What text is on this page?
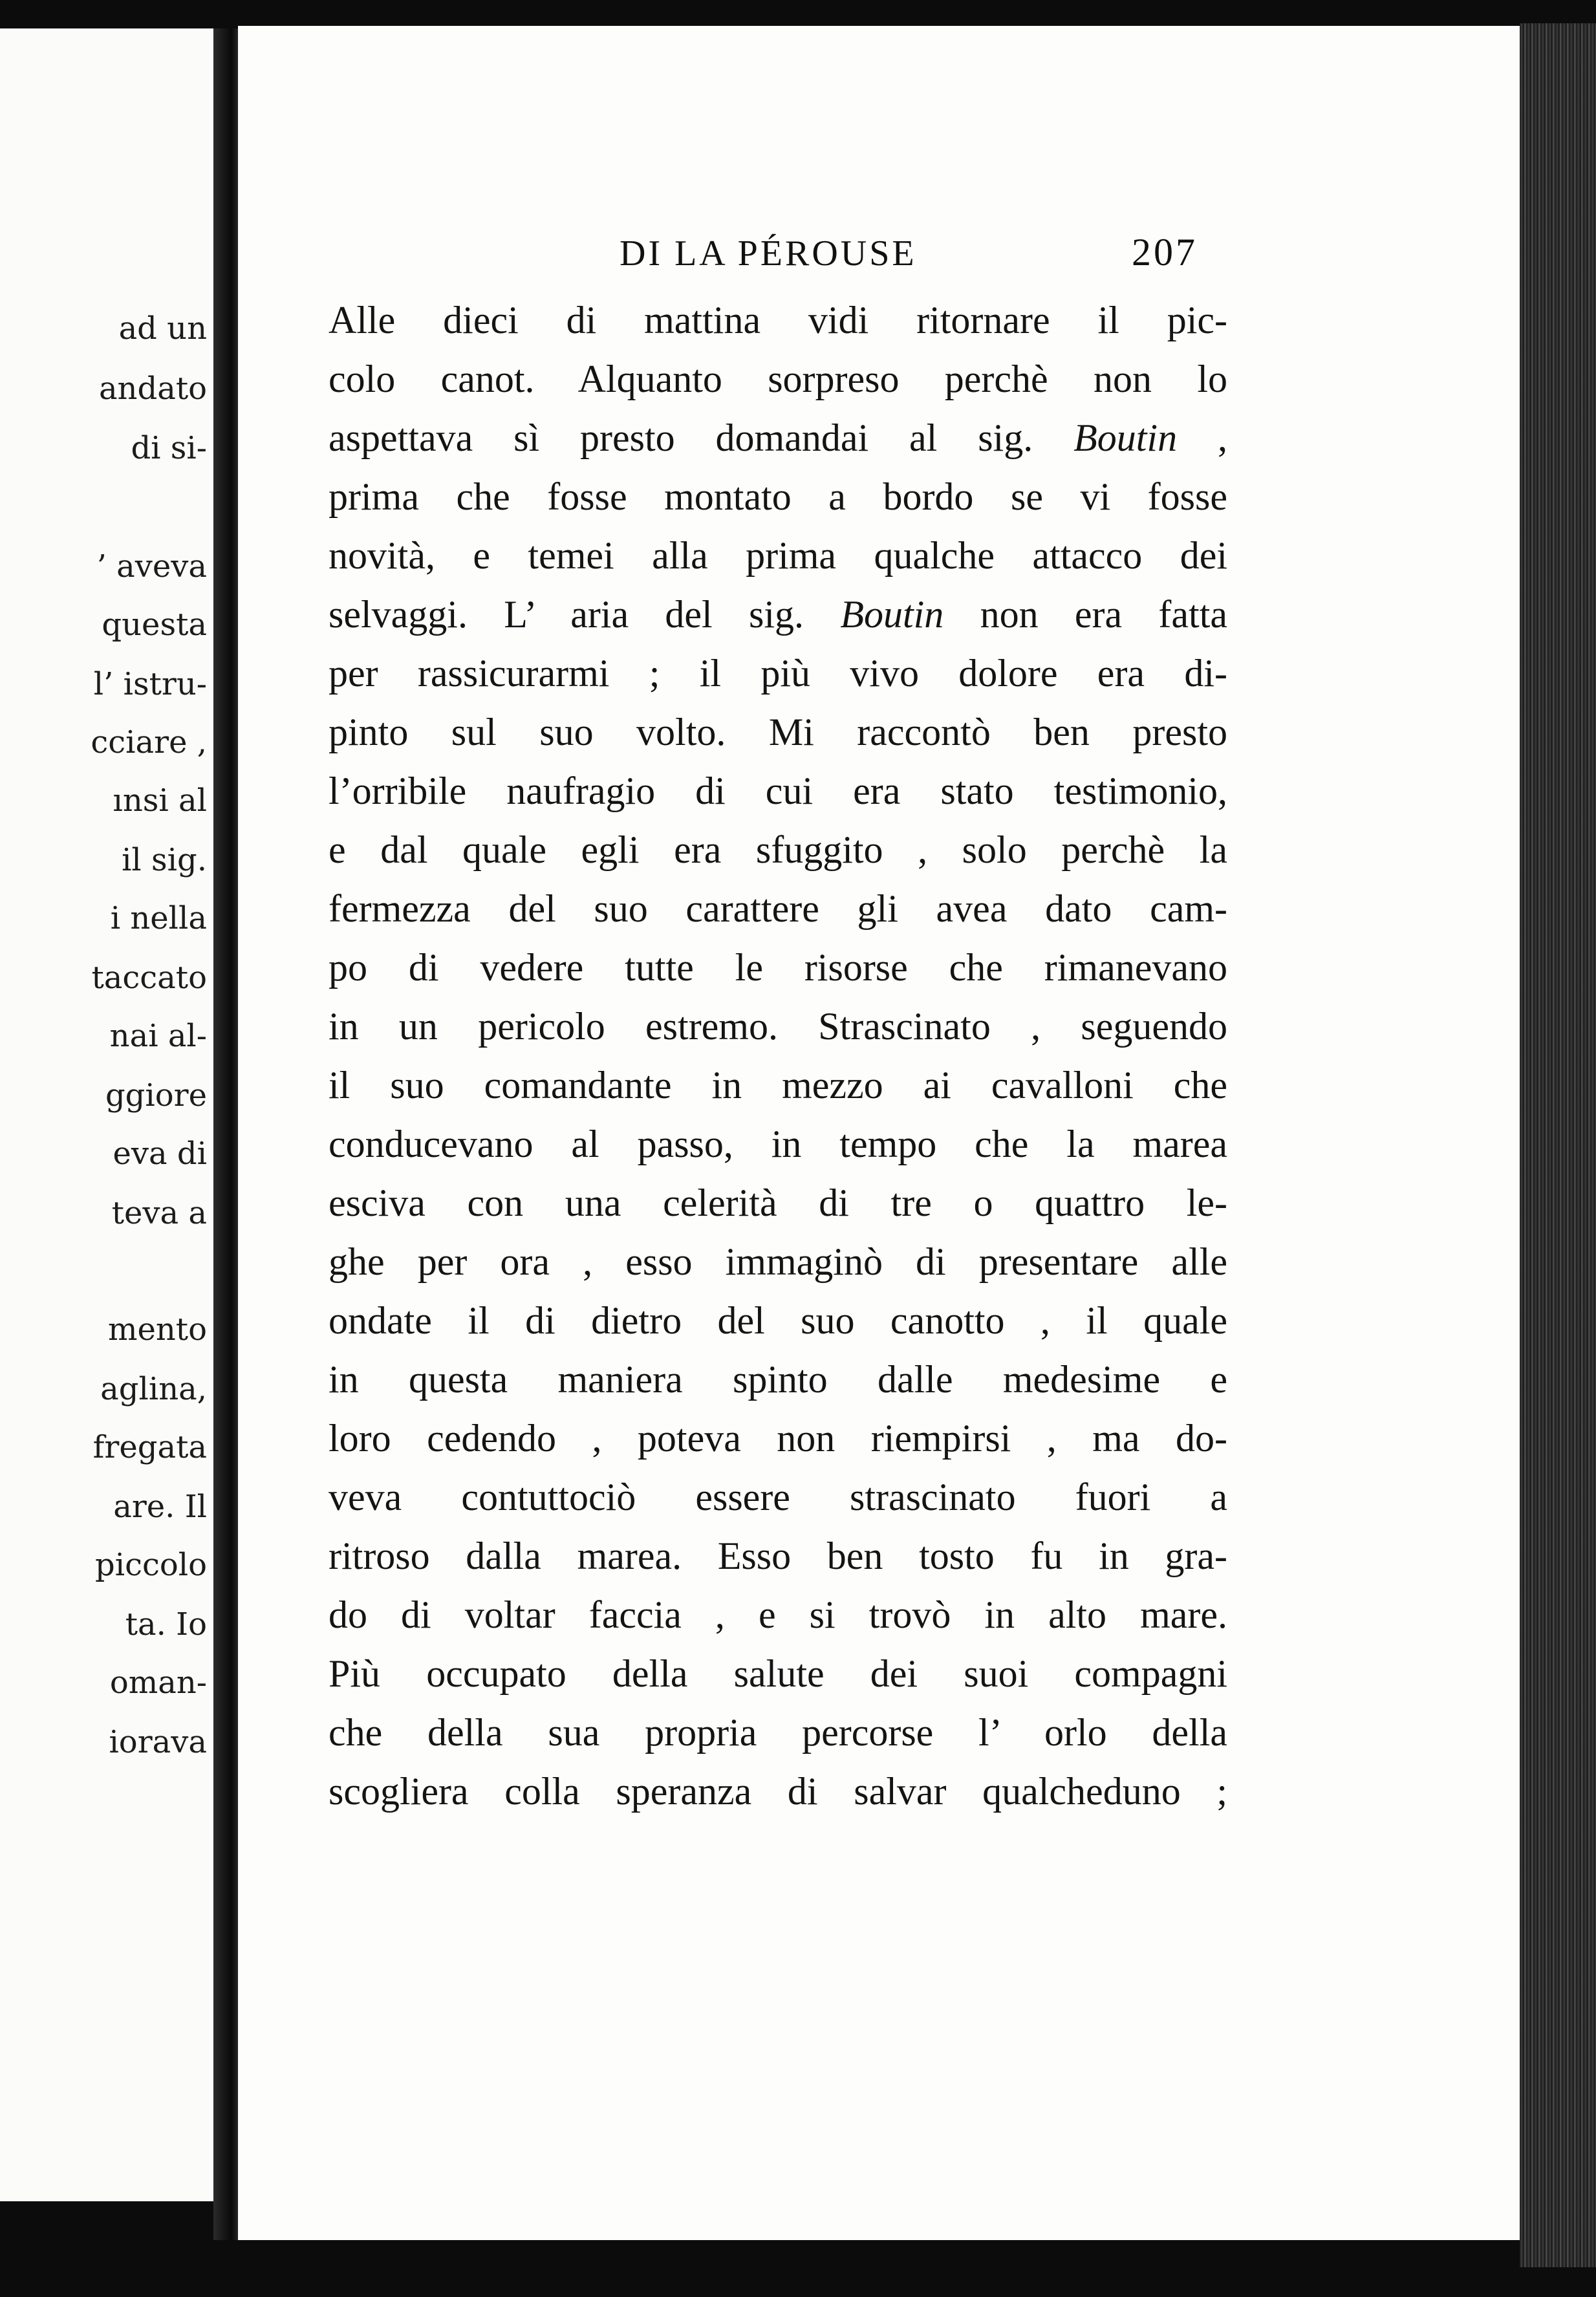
ad un
andato
di si-
’ aveva
questa
l’ istru-
cciare ,
ınsi al
il sig.
i nella
taccato
nai al-
ggiore
eva di
teva a
mento
aglina,
fregata
are. Il
piccolo
ta. Io
oman-
iorava
DI LA PÉROUSE	207
Alle dieci di mattina vidi ritornare il pic-
colo canot. Alquanto sorpreso perchè non lo
aspettava sì presto domandai al sig. Boutin ,
prima che fosse montato a bordo se vi fosse
novità, e temei alla prima qualche attacco dei
selvaggi. L’ aria del sig. Boutin non era fatta
per rassicurarmi ; il più vivo dolore era di-
pinto sul suo volto. Mi raccontò ben presto
l’orribile naufragio di cui era stato testimonio,
e dal quale egli era sfuggito , solo perchè la
fermezza del suo carattere gli avea dato cam-
po di vedere tutte le risorse che rimanevano
in un pericolo estremo. Strascinato , seguendo
il suo comandante in mezzo ai cavalloni che
conducevano al passo, in tempo che la marea
esciva con una celerità di tre o quattro le-
ghe per ora , esso immaginò di presentare alle
ondate il di dietro del suo canotto , il quale
in questa maniera spinto dalle medesime e
loro cedendo , poteva non riempirsi , ma do-
veva contuttociò essere strascinato fuori a
ritroso dalla marea. Esso ben tosto fu in gra-
do di voltar faccia , e si trovò in alto mare.
Più occupato della salute dei suoi compagni
che della sua propria percorse l’ orlo della
scogliera colla speranza di salvar qualcheduno ;
